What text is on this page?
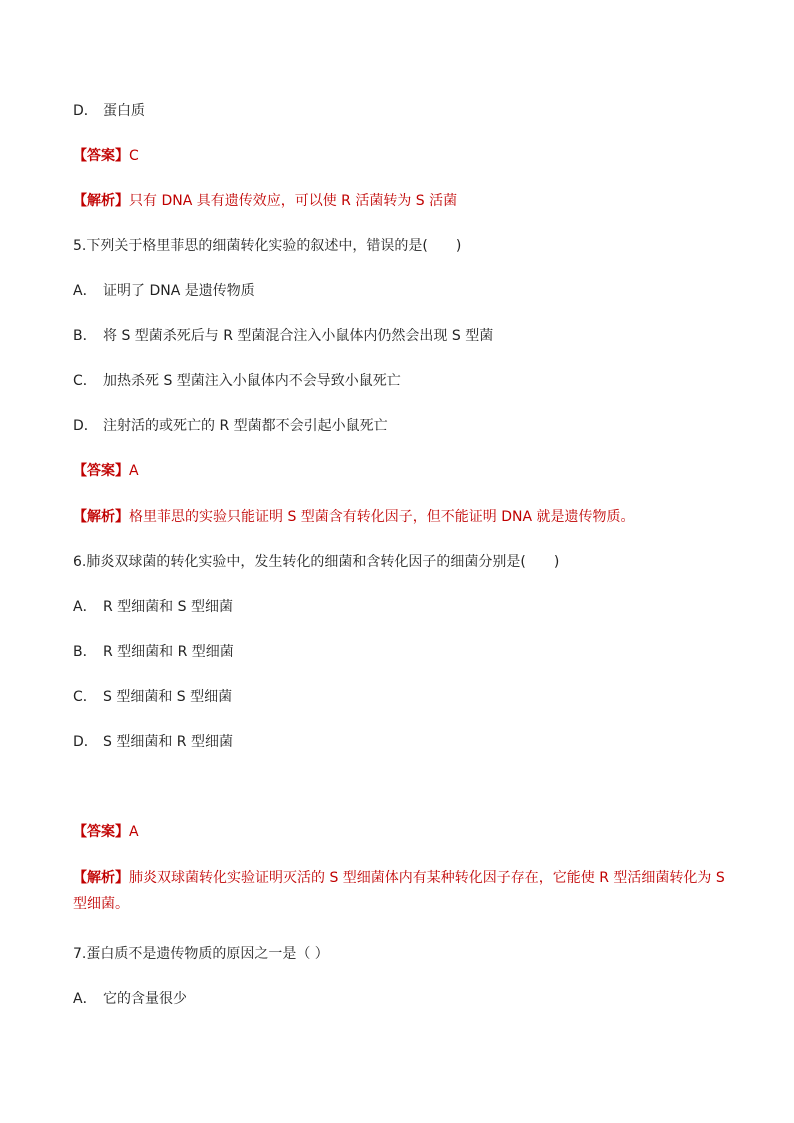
D． 蛋白质

【答案】C

【解析】只有 DNA 具有遗传效应，可以使 R 活菌转为 S 活菌

5.下列关于格里菲思的细菌转化实验的叙述中，错误的是(　　)

A． 证明了 DNA 是遗传物质

B． 将 S 型菌杀死后与 R 型菌混合注入小鼠体内仍然会出现 S 型菌

C． 加热杀死 S 型菌注入小鼠体内不会导致小鼠死亡

D． 注射活的或死亡的 R 型菌都不会引起小鼠死亡

【答案】A

【解析】格里菲思的实验只能证明 S 型菌含有转化因子，但不能证明 DNA 就是遗传物质。

6.肺炎双球菌的转化实验中，发生转化的细菌和含转化因子的细菌分别是(　　)

A． R 型细菌和 S 型细菌

B． R 型细菌和 R 型细菌

C． S 型细菌和 S 型细菌

D． S 型细菌和 R 型细菌

【答案】A

【解析】肺炎双球菌转化实验证明灭活的 S 型细菌体内有某种转化因子存在，它能使 R 型活细菌转化为 S 型细菌。

7.蛋白质不是遗传物质的原因之一是（ ）

A． 它的含量很少
